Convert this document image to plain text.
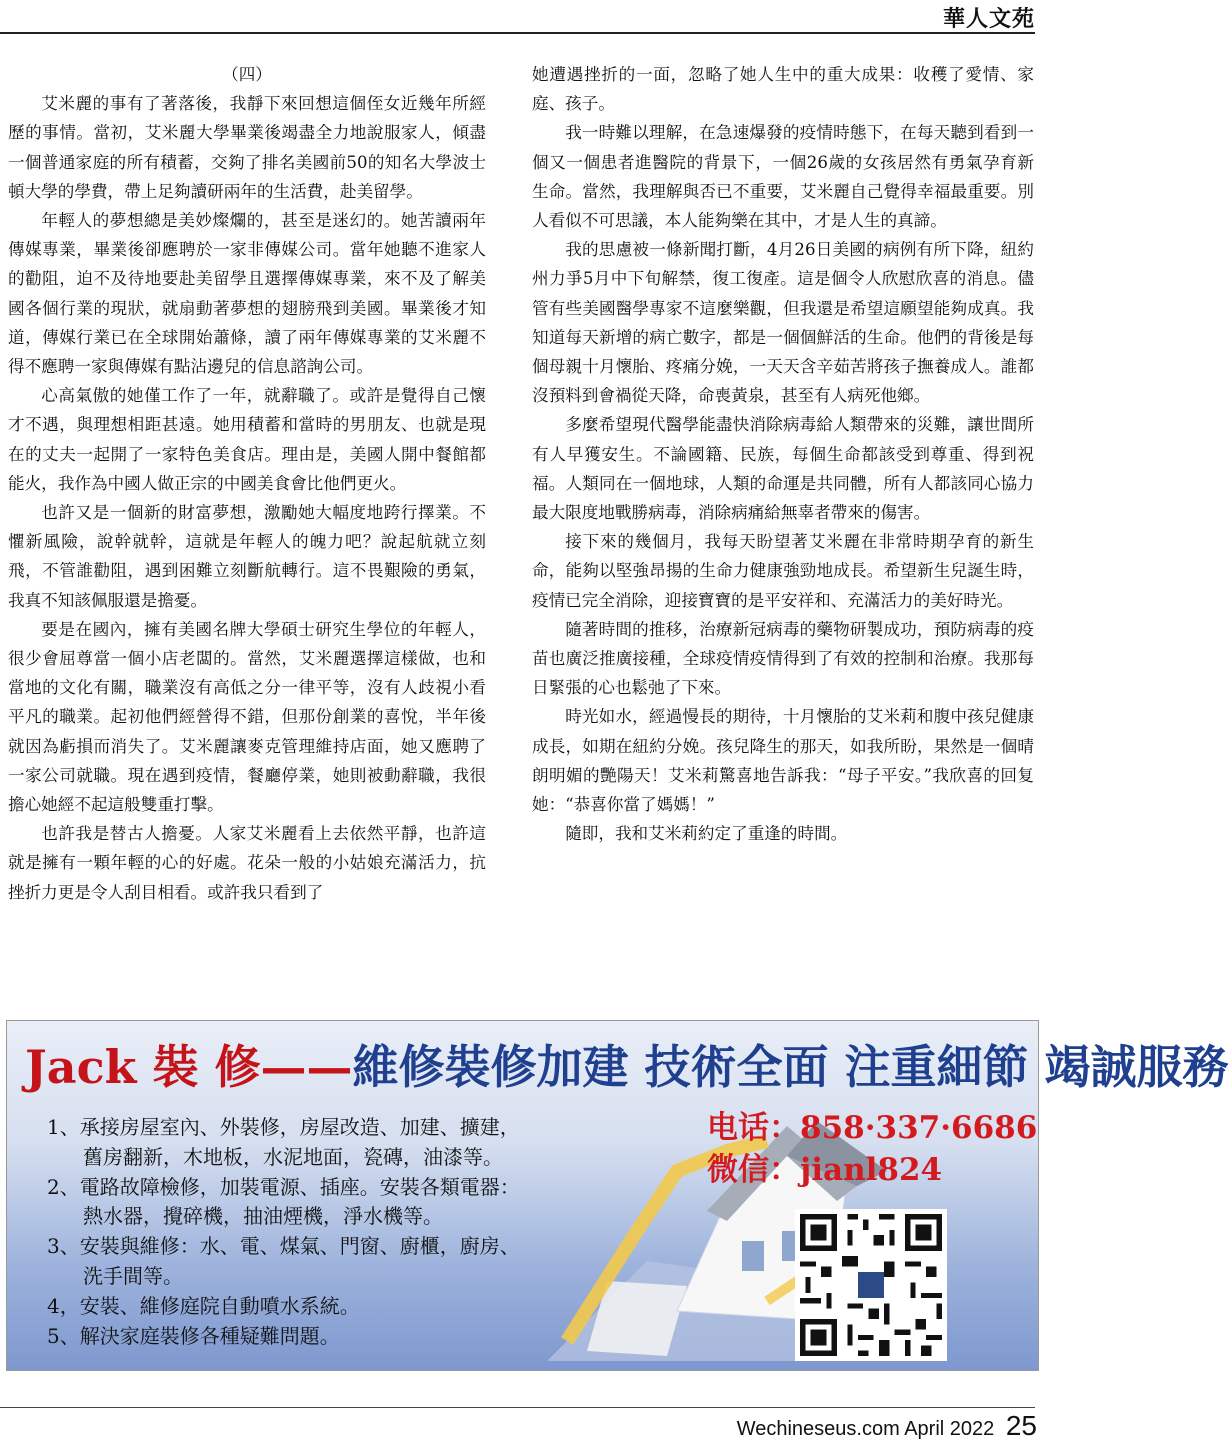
華人文苑

（四）

艾米麗的事有了著落後，我靜下來回想這個侄女近幾年所經歷的事情。當初，艾米麗大學畢業後竭盡全力地說服家人，傾盡一個普通家庭的所有積蓄，交夠了排名美國前50的知名大學波士頓大學的學費，帶上足夠讀研兩年的生活費，赴美留學。

年輕人的夢想總是美妙燦爛的，甚至是迷幻的。她苦讀兩年傳媒專業，畢業後卻應聘於一家非傳媒公司。當年她聽不進家人的勸阻，迫不及待地要赴美留學且選擇傳媒專業，來不及了解美國各個行業的現狀，就扇動著夢想的翅膀飛到美國。畢業後才知道，傳媒行業已在全球開始蕭條，讀了兩年傳媒專業的艾米麗不得不應聘一家與傳媒有點沾邊兒的信息諮詢公司。

心高氣傲的她僅工作了一年，就辭職了。或許是覺得自己懷才不遇，與理想相距甚遠。她用積蓄和當時的男朋友、也就是現在的丈夫一起開了一家特色美食店。理由是，美國人開中餐館都能火，我作為中國人做正宗的中國美食會比他們更火。

也許又是一個新的財富夢想，激勵她大幅度地跨行擇業。不懼新風險，說幹就幹，這就是年輕人的魄力吧？說起航就立刻飛，不管誰勸阻，遇到困難立刻斷航轉行。這不畏艱險的勇氣，我真不知該佩服還是擔憂。

要是在國內，擁有美國名牌大學碩士研究生學位的年輕人，很少會屈尊當一個小店老闆的。當然，艾米麗選擇這樣做，也和當地的文化有關，職業沒有高低之分一律平等，沒有人歧視小看平凡的職業。起初他們經營得不錯，但那份創業的喜悅，半年後就因為虧損而消失了。艾米麗讓麥克管理維持店面，她又應聘了一家公司就職。現在遇到疫情，餐廳停業，她則被動辭職，我很擔心她經不起這般雙重打擊。

也許我是替古人擔憂。人家艾米麗看上去依然平靜，也許這就是擁有一顆年輕的心的好處。花朵一般的小姑娘充滿活力，抗挫折力更是令人刮目相看。或許我只看到了

她遭遇挫折的一面，忽略了她人生中的重大成果：收穫了愛情、家庭、孩子。

我一時難以理解，在急速爆發的疫情時態下，在每天聽到看到一個又一個患者進醫院的背景下，一個26歲的女孩居然有勇氣孕育新生命。當然，我理解與否已不重要，艾米麗自己覺得幸福最重要。別人看似不可思議，本人能夠樂在其中，才是人生的真諦。

我的思慮被一條新聞打斷，4月26日美國的病例有所下降，紐約州力爭5月中下旬解禁，復工復產。這是個令人欣慰欣喜的消息。儘管有些美國醫學專家不這麼樂觀，但我還是希望這願望能夠成真。我知道每天新增的病亡數字，都是一個個鮮活的生命。他們的背後是每個母親十月懷胎、疼痛分娩，一天天含辛茹苦將孩子撫養成人。誰都沒預料到會禍從天降，命喪黃泉，甚至有人病死他鄉。

多麼希望現代醫學能盡快消除病毒給人類帶來的災難，讓世間所有人早獲安生。不論國籍、民族，每個生命都該受到尊重、得到祝福。人類同在一個地球，人類的命運是共同體，所有人都該同心協力最大限度地戰勝病毒，消除病痛給無辜者帶來的傷害。

接下來的幾個月，我每天盼望著艾米麗在非常時期孕育的新生命，能夠以堅強昂揚的生命力健康強勁地成長。希望新生兒誕生時，疫情已完全消除，迎接寶寶的是平安祥和、充滿活力的美好時光。

隨著時間的推移，治療新冠病毒的藥物研製成功，預防病毒的疫苗也廣泛推廣接種，全球疫情疫情得到了有效的控制和治療。我那每日緊張的心也鬆弛了下來。

時光如水，經過慢長的期待，十月懷胎的艾米莉和腹中孩兒健康成長，如期在紐約分娩。孩兒降生的那天，如我所盼，果然是一個晴朗明媚的艷陽天！艾米莉驚喜地告訴我：“母子平安。”我欣喜的回复她：“恭喜你當了媽媽！”

隨即，我和艾米莉約定了重逢的時間。

Jack 裝 修——維修裝修加建 技術全面 注重細節 竭誠服務
1、承接房屋室內、外裝修，房屋改造、加建、擴建，
舊房翻新，木地板，水泥地面，瓷磚，油漆等。
2、電路故障檢修，加裝電源、插座。安裝各類電器：
熱水器，攪碎機，抽油煙機，淨水機等。
3、安裝與維修：水、電、煤氣、門窗、廚櫃，廚房、
洗手間等。
4，安裝、維修庭院自動噴水系統。
5、解決家庭裝修各種疑難問題。
电话：858·337·6686
微信：jianl824
Wechineseus.com April 2022 25
